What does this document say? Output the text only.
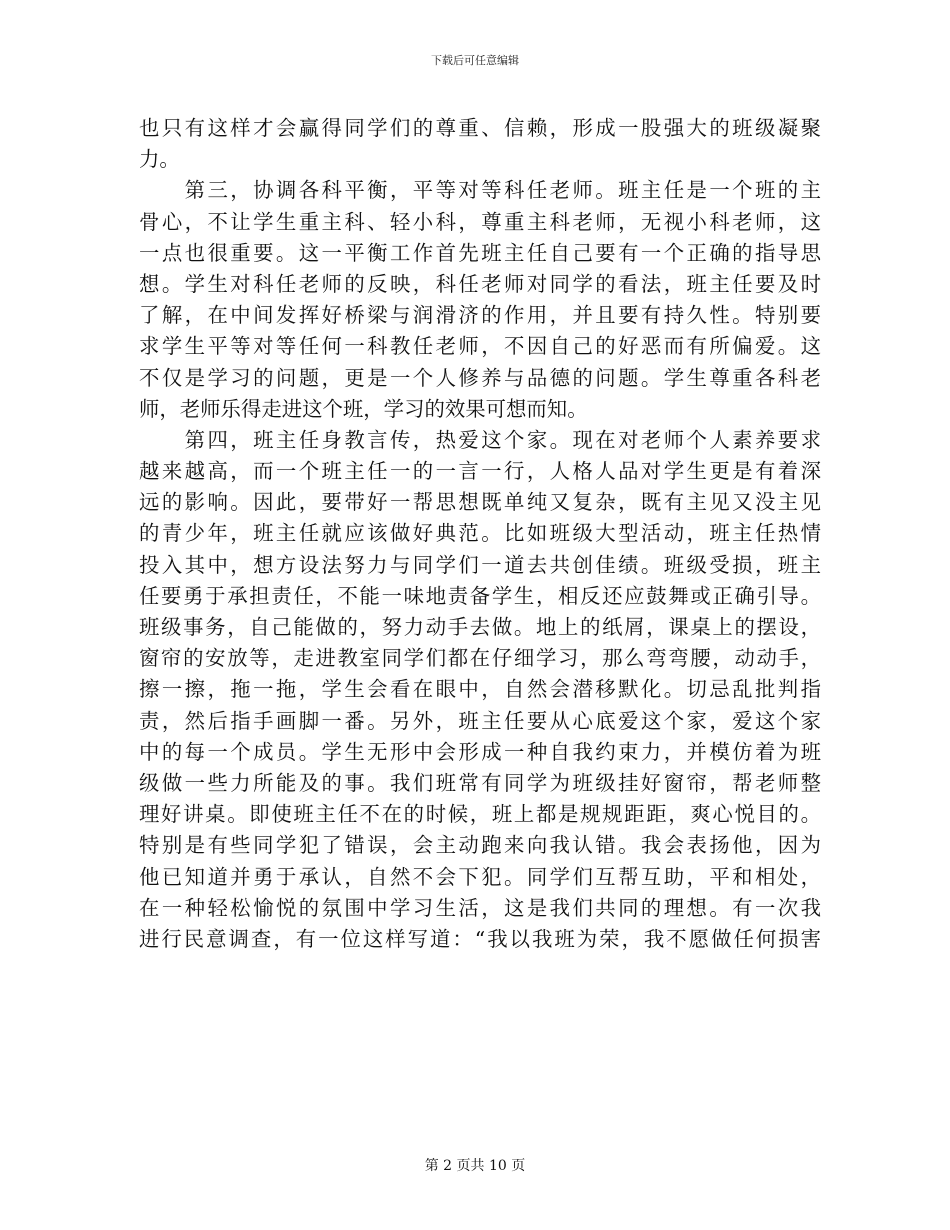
下载后可任意编辑
也只有这样才会赢得同学们的尊重、信赖，形成一股强大的班级凝聚
力。
　　第三，协调各科平衡，平等对等科任老师。班主任是一个班的主
骨心，不让学生重主科、轻小科，尊重主科老师，无视小科老师，这
一点也很重要。这一平衡工作首先班主任自己要有一个正确的指导思
想。学生对科任老师的反映，科任老师对同学的看法，班主任要及时
了解，在中间发挥好桥梁与润滑济的作用，并且要有持久性。特别要
求学生平等对等任何一科教任老师，不因自己的好恶而有所偏爱。这
不仅是学习的问题，更是一个人修养与品德的问题。学生尊重各科老
师，老师乐得走进这个班，学习的效果可想而知。
　　第四，班主任身教言传，热爱这个家。现在对老师个人素养要求
越来越高，而一个班主任一的一言一行，人格人品对学生更是有着深
远的影响。因此，要带好一帮思想既单纯又复杂，既有主见又没主见
的青少年，班主任就应该做好典范。比如班级大型活动，班主任热情
投入其中，想方设法努力与同学们一道去共创佳绩。班级受损，班主
任要勇于承担责任，不能一味地责备学生，相反还应鼓舞或正确引导。
班级事务，自己能做的，努力动手去做。地上的纸屑，课桌上的摆设，
窗帘的安放等，走进教室同学们都在仔细学习，那么弯弯腰，动动手，
擦一擦，拖一拖，学生会看在眼中，自然会潜移默化。切忌乱批判指
责，然后指手画脚一番。另外，班主任要从心底爱这个家，爱这个家
中的每一个成员。学生无形中会形成一种自我约束力，并模仿着为班
级做一些力所能及的事。我们班常有同学为班级挂好窗帘，帮老师整
理好讲桌。即使班主任不在的时候，班上都是规规距距，爽心悦目的。
特别是有些同学犯了错误，会主动跑来向我认错。我会表扬他，因为
他已知道并勇于承认，自然不会下犯。同学们互帮互助，平和相处，
在一种轻松愉悦的氛围中学习生活，这是我们共同的理想。有一次我
进行民意调查，有一位这样写道：“我以我班为荣，我不愿做任何损害
第 2 页共 10 页
